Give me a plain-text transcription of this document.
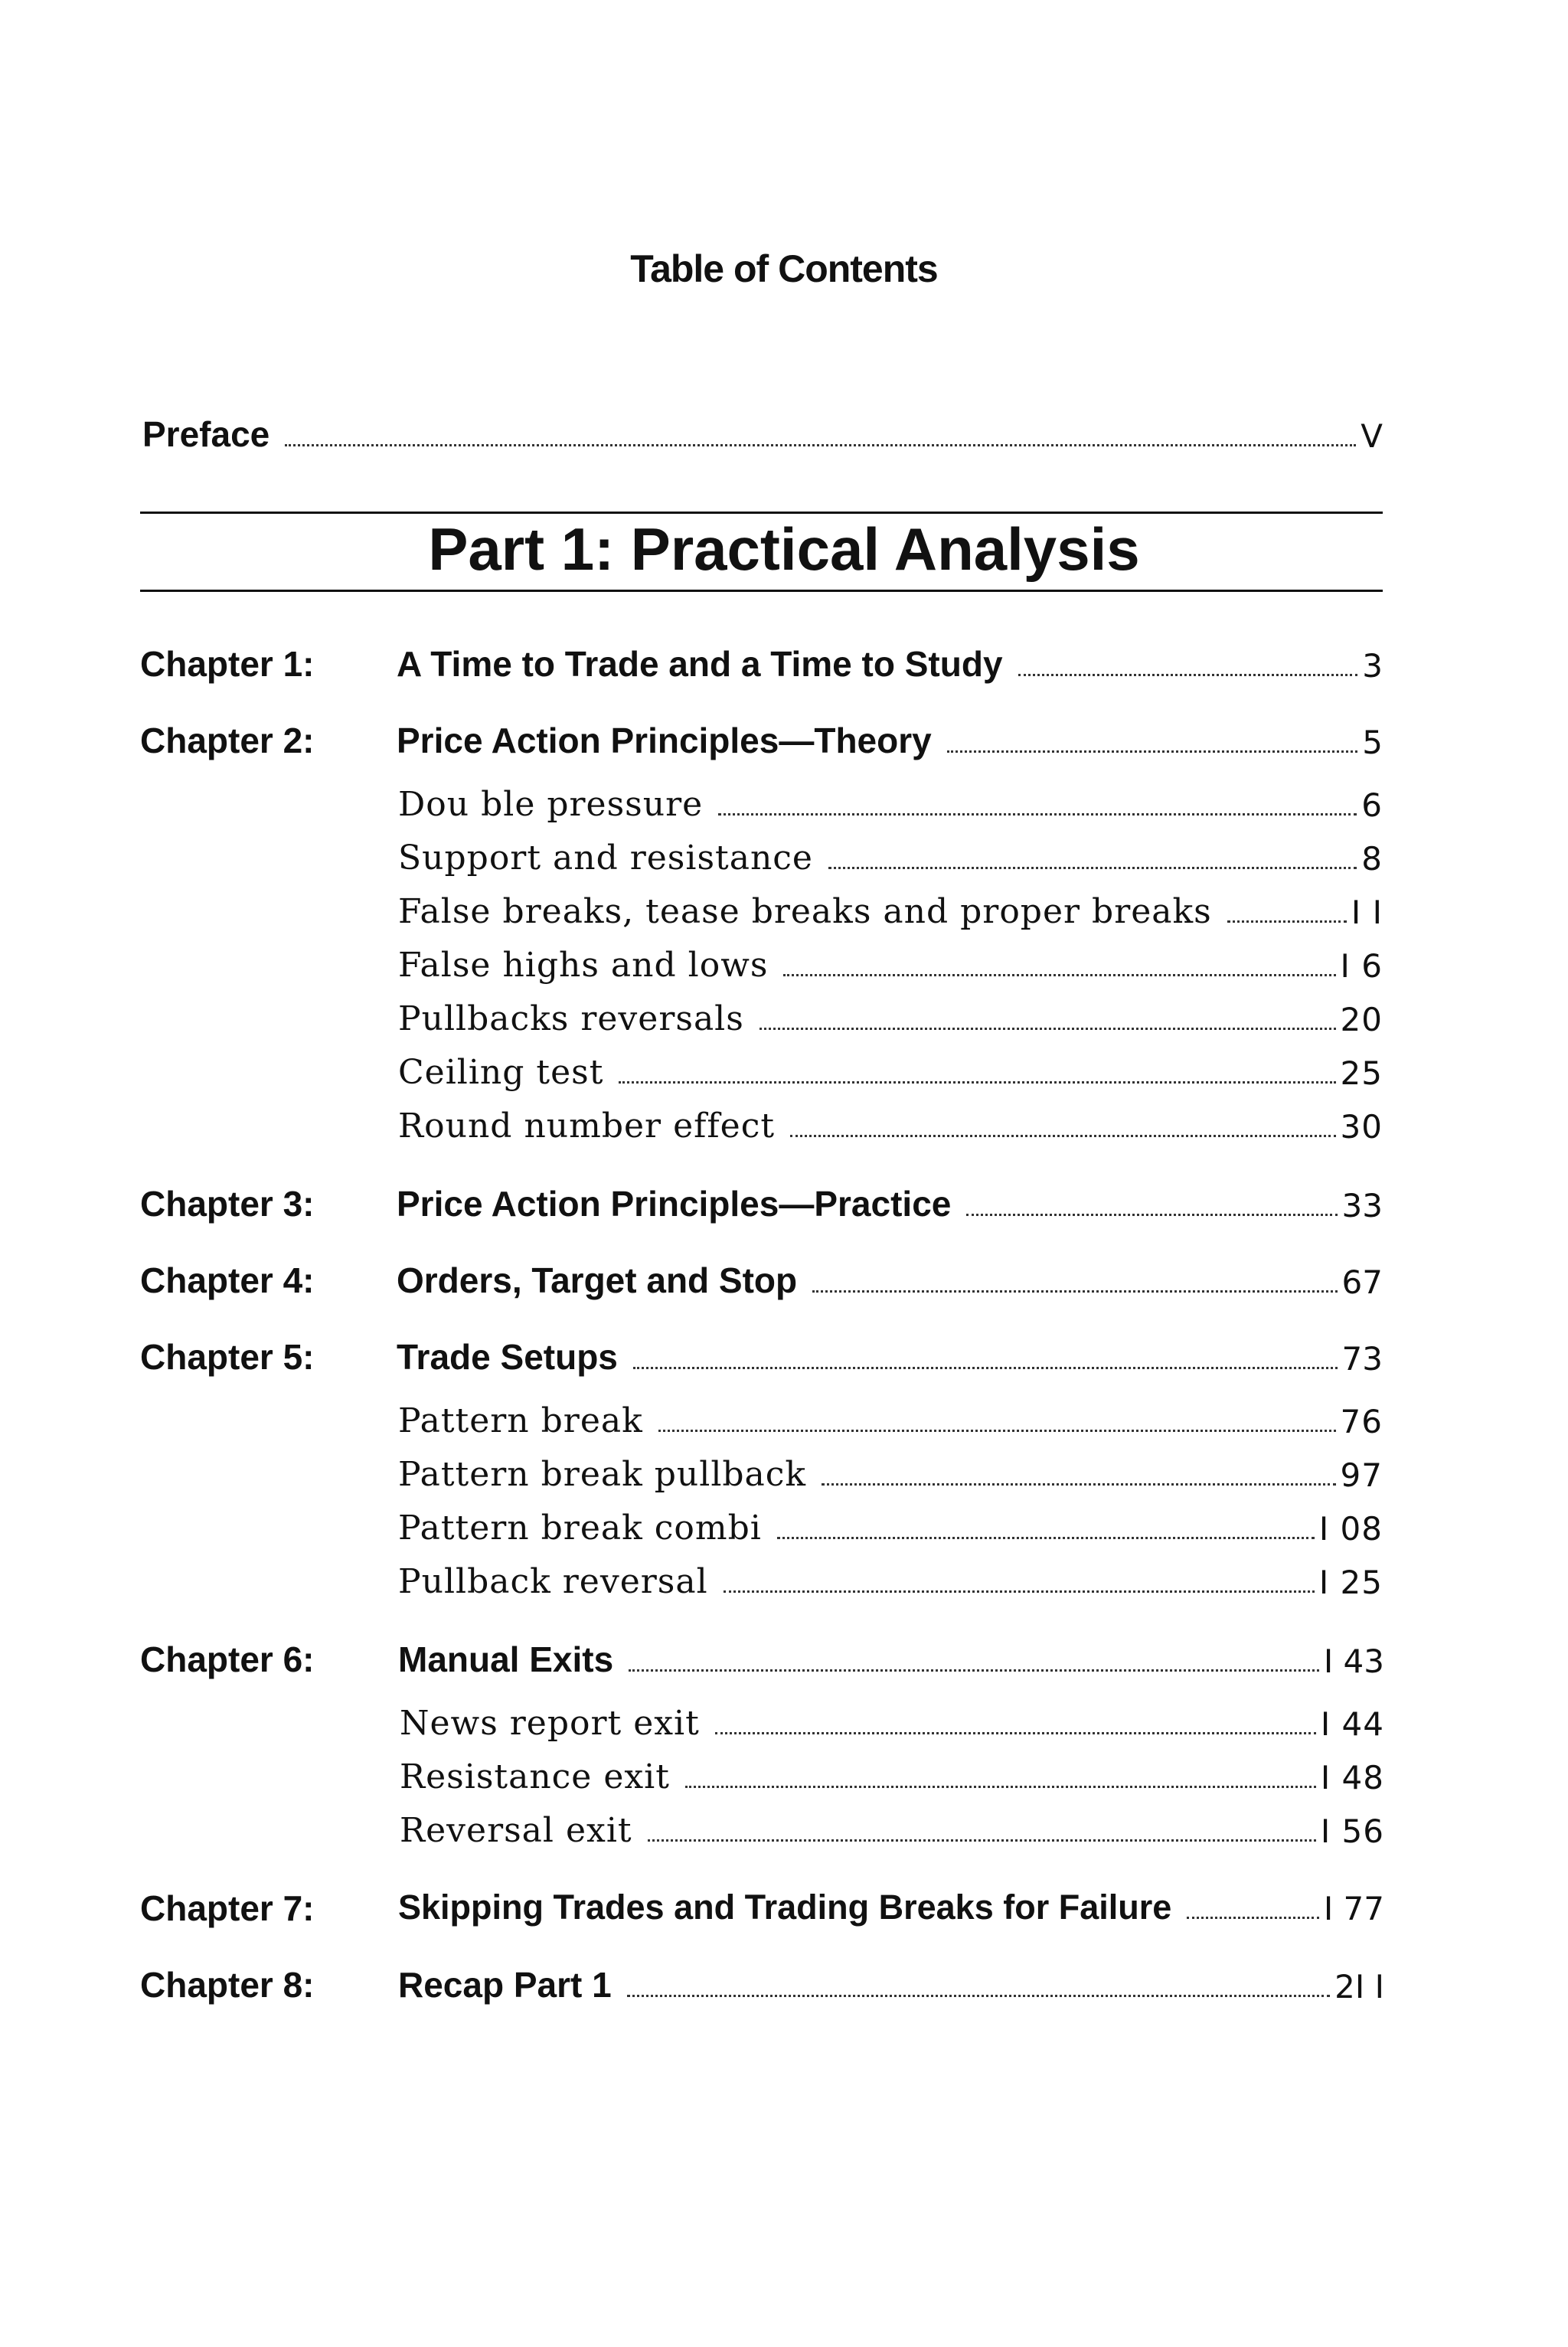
Table of Contents
Preface	V
Part 1: Practical Analysis
Chapter 1: A Time to Trade and a Time to Study	3
Chapter 2: Price Action Principles—Theory	5
Dou ble pressure	6
Support and resistance	8
False breaks, tease breaks and proper breaks	I I
False highs and lows	I 6
Pullbacks reversals	20
Ceiling test	25
Round number effect	30
Chapter 3: Price Action Principles—Practice	33
Chapter 4: Orders, Target and Stop	67
Chapter 5: Trade Setups	73
Pattern break	76
Pattern break pullback	97
Pattern break combi	I 08
Pullback reversal	I 25
Chapter 6: Manual Exits	I 43
News report exit	I 44
Resistance exit	I 48
Reversal exit	I 56
Chapter 7: Skipping Trades and Trading Breaks for Failure	I 77
Chapter 8: Recap Part 1	2I I
